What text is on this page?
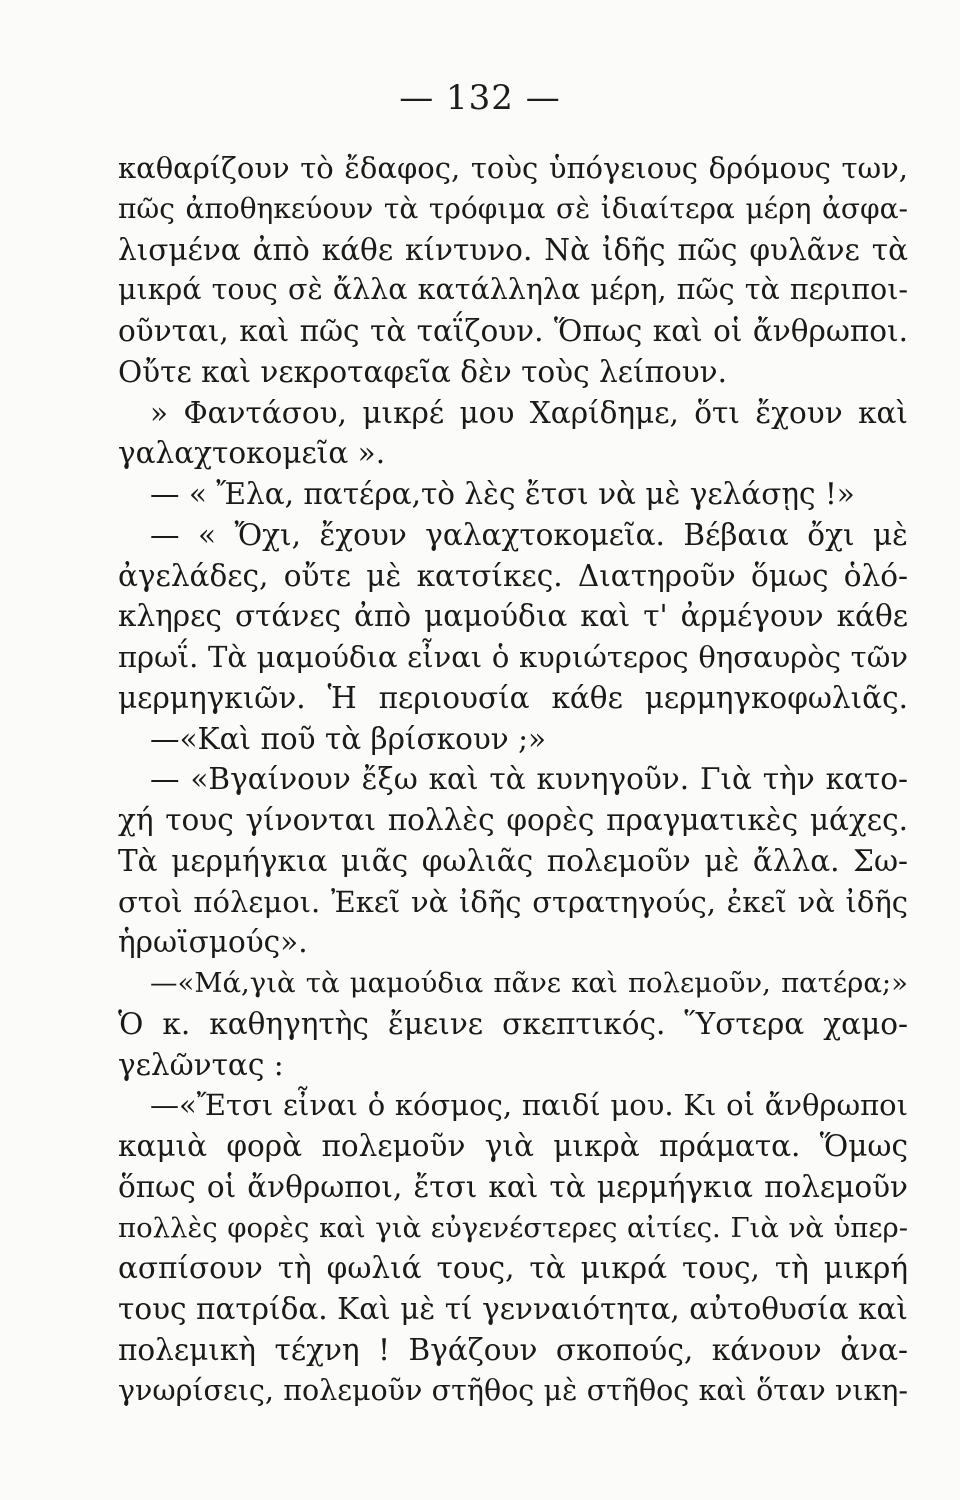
— 132 —
καθαρίζουν τὸ ἔδαφος, τοὺς ὑπόγειους δρόμους των,
πῶς ἀποθηκεύουν τὰ τρόφιμα σὲ ἰδιαίτερα μέρη ἀσφα-
λισμένα ἀπὸ κάθε κίντυνο. Νὰ ἰδῆς πῶς φυλᾶνε τὰ
μικρά τους σὲ ἄλλα κατάλληλα μέρη, πῶς τὰ περιποι-
οῦνται, καὶ πῶς τὰ ταΐζουν. Ὅπως καὶ οἱ ἄνθρωποι.
Οὔτε καὶ νεκροταφεῖα δὲν τοὺς λείπουν.
» Φαντάσου, μικρέ μου Χαρίδημε, ὅτι ἔχουν καὶ
γαλαχτοκομεῖα ».
— « Ἔλα, πατέρα,τὸ λὲς ἔτσι νὰ μὲ γελάσῃς !»
— « Ὄχι, ἔχουν γαλαχτοκομεῖα. Βέβαια ὄχι μὲ
ἀγελάδες, οὔτε μὲ κατσίκες. Διατηροῦν ὅμως ὁλό-
κληρες στάνες ἀπὸ μαμούδια καὶ τ' ἀρμέγουν κάθε
πρωΐ. Τὰ μαμούδια εἶναι ὁ κυριώτερος θησαυρὸς τῶν
μερμηγκιῶν. Ἡ περιουσία κάθε μερμηγκοφωλιᾶς.
—«Καὶ ποῦ τὰ βρίσκουν ;»
— «Βγαίνουν ἔξω καὶ τὰ κυνηγοῦν. Γιὰ τὴν κατο-
χή τους γίνονται πολλὲς φορὲς πραγματικὲς μάχες.
Τὰ μερμήγκια μιᾶς φωλιᾶς πολεμοῦν μὲ ἄλλα. Σω-
στοὶ πόλεμοι. Ἐκεῖ νὰ ἰδῆς στρατηγούς, ἐκεῖ νὰ ἰδῆς
ἡρωϊσμούς».
—«Μά,γιὰ τὰ μαμούδια πᾶνε καὶ πολεμοῦν, πατέρα;»
Ὁ κ. καθηγητὴς ἔμεινε σκεπτικός. Ὕστερα χαμο-
γελῶντας :
—«Ἔτσι εἶναι ὁ κόσμος, παιδί μου. Κι οἱ ἄνθρωποι
καμιὰ φορὰ πολεμοῦν γιὰ μικρὰ πράματα. Ὅμως
ὅπως οἱ ἄνθρωποι, ἔτσι καὶ τὰ μερμήγκια πολεμοῦν
πολλὲς φορὲς καὶ γιὰ εὐγενέστερες αἰτίες. Γιὰ νὰ ὑπερ-
ασπίσουν τὴ φωλιά τους, τὰ μικρά τους, τὴ μικρή
τους πατρίδα. Καὶ μὲ τί γενναιότητα, αὐτοθυσία καὶ
πολεμικὴ τέχνη ! Βγάζουν σκοπούς, κάνουν ἀνα-
γνωρίσεις, πολεμοῦν στῆθος μὲ στῆθος καὶ ὅταν νικη-
